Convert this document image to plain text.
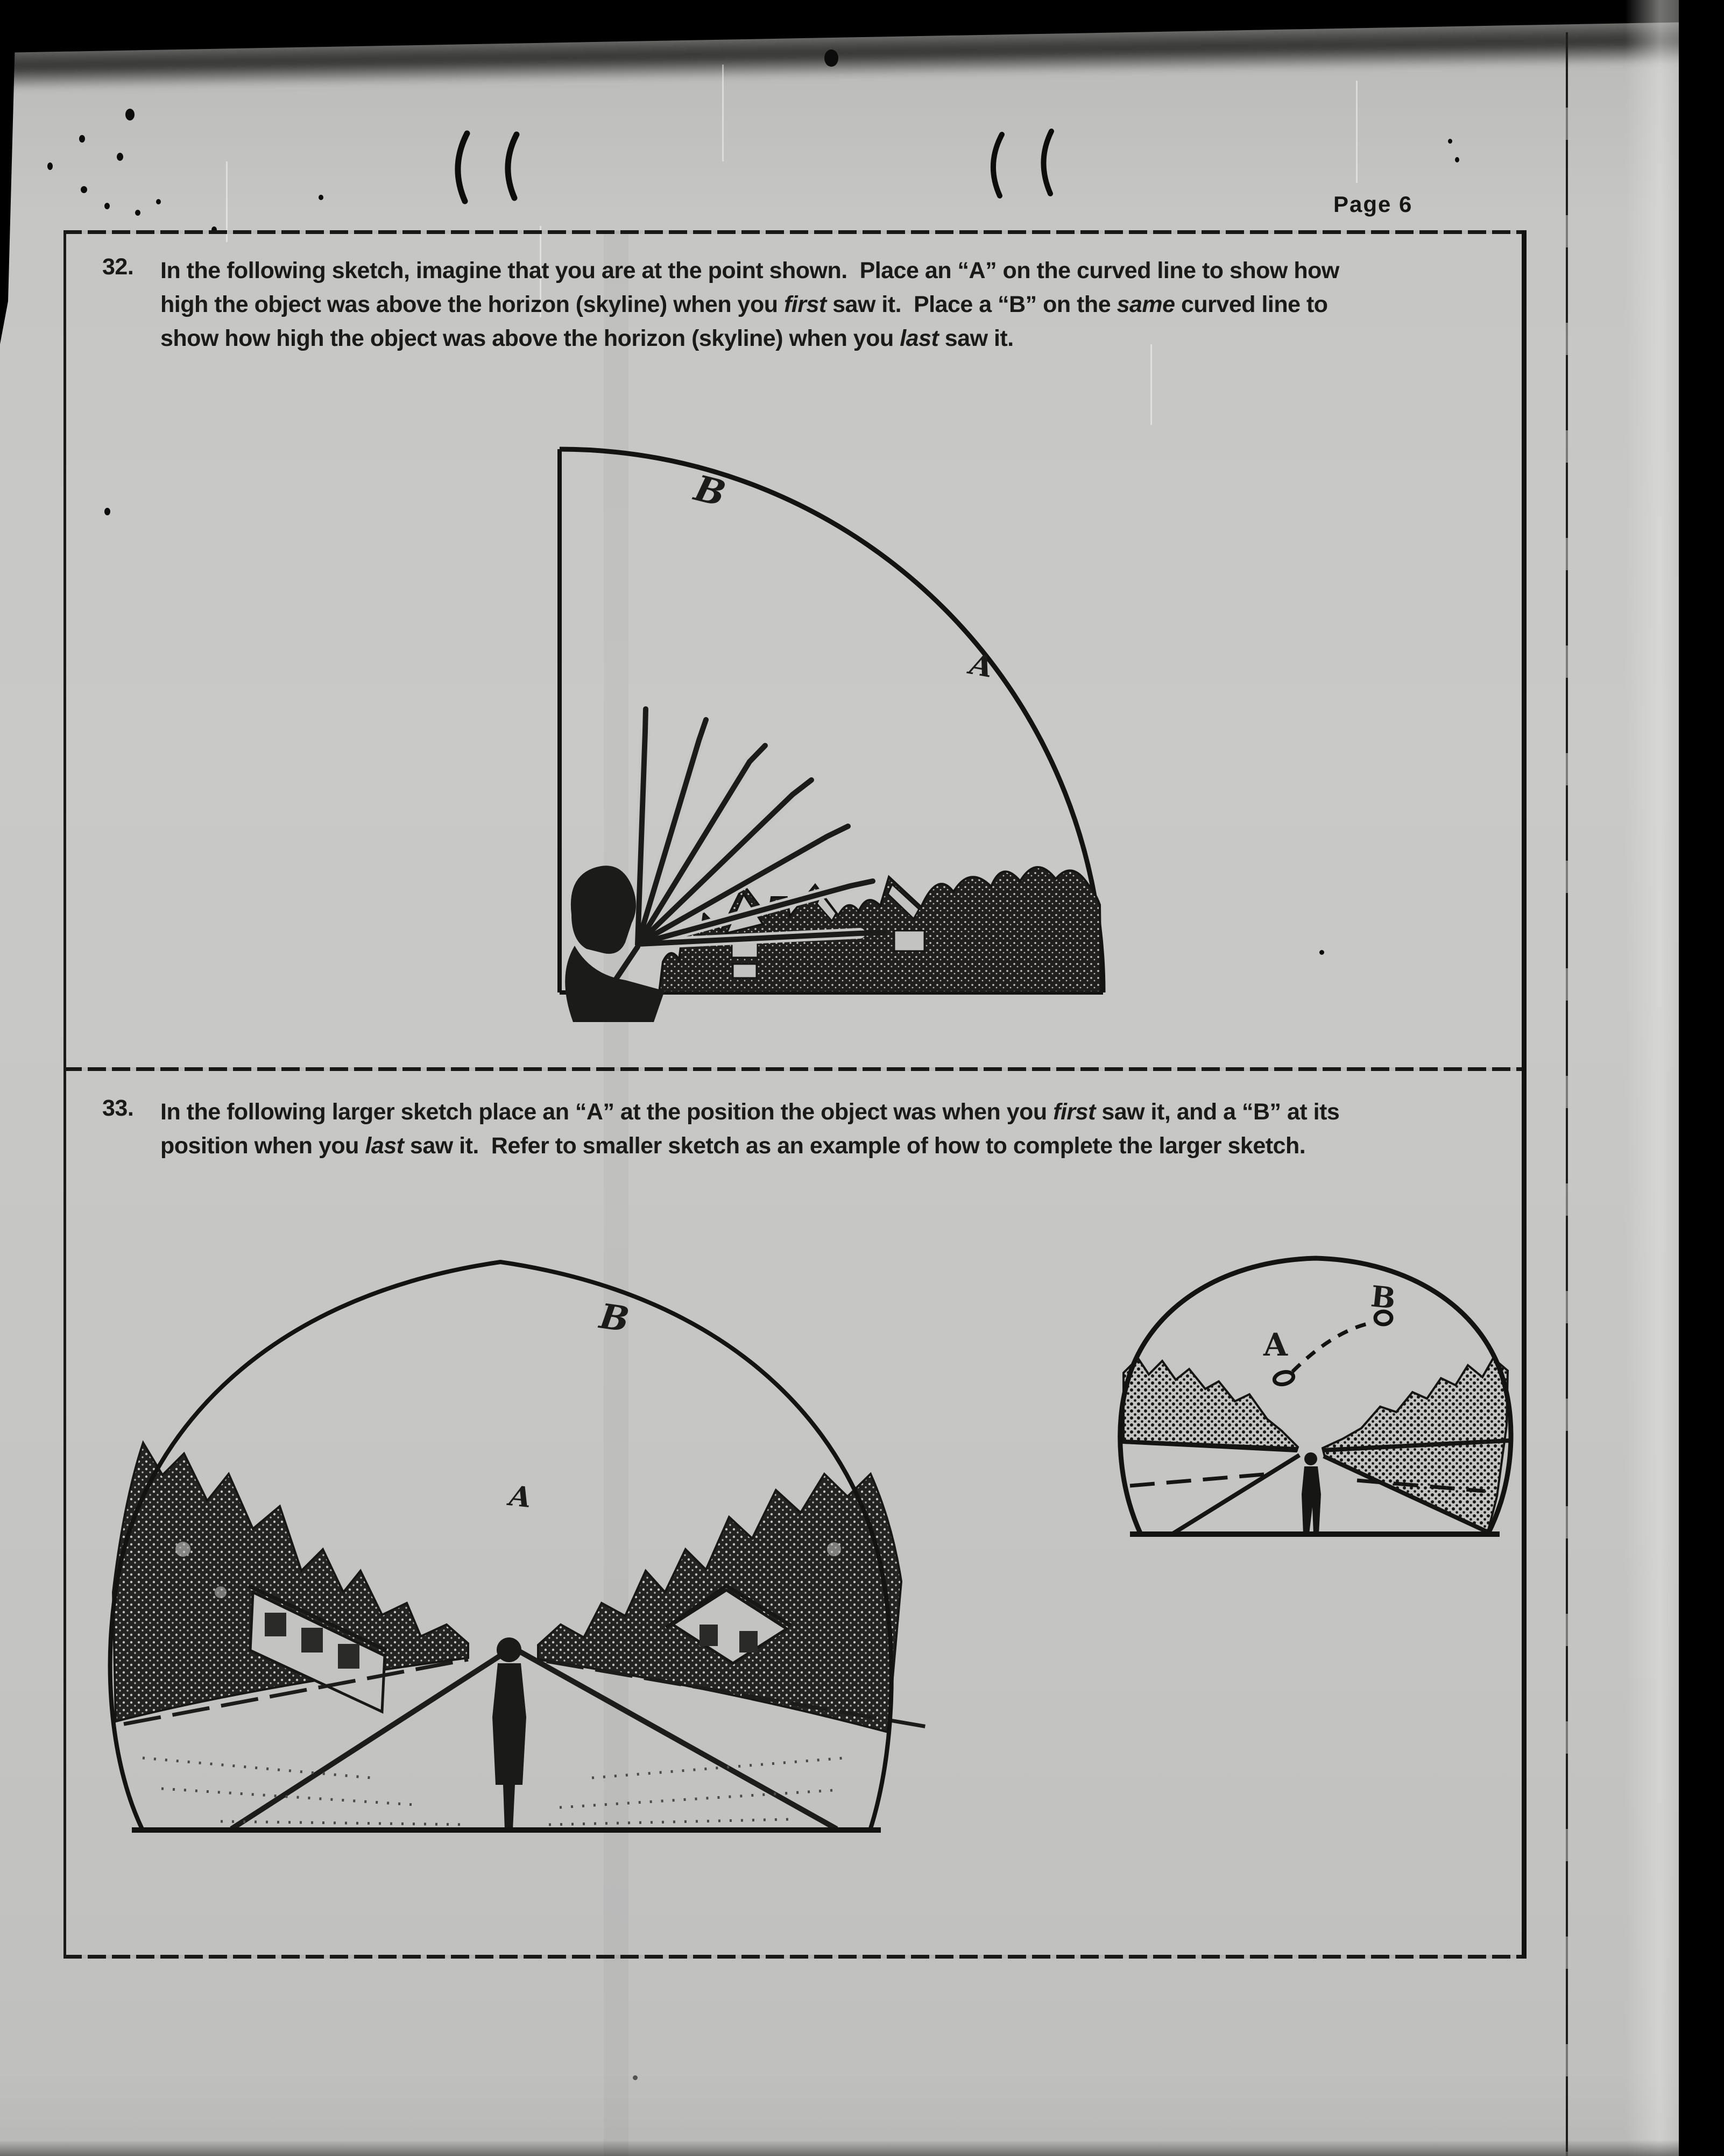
Page 6
32. In the following sketch, imagine that you are at the point shown.  Place an “A” on the curved line to show how
high the object was above the horizon (skyline) when you first saw it.  Place a “B” on the same curved line to
show how high the object was above the horizon (skyline) when you last saw it.
B
A
33. In the following larger sketch place an “A” at the position the object was when you first saw it, and a “B” at its
position when you last saw it.  Refer to smaller sketch as an example of how to complete the larger sketch.
B
A
A
B
